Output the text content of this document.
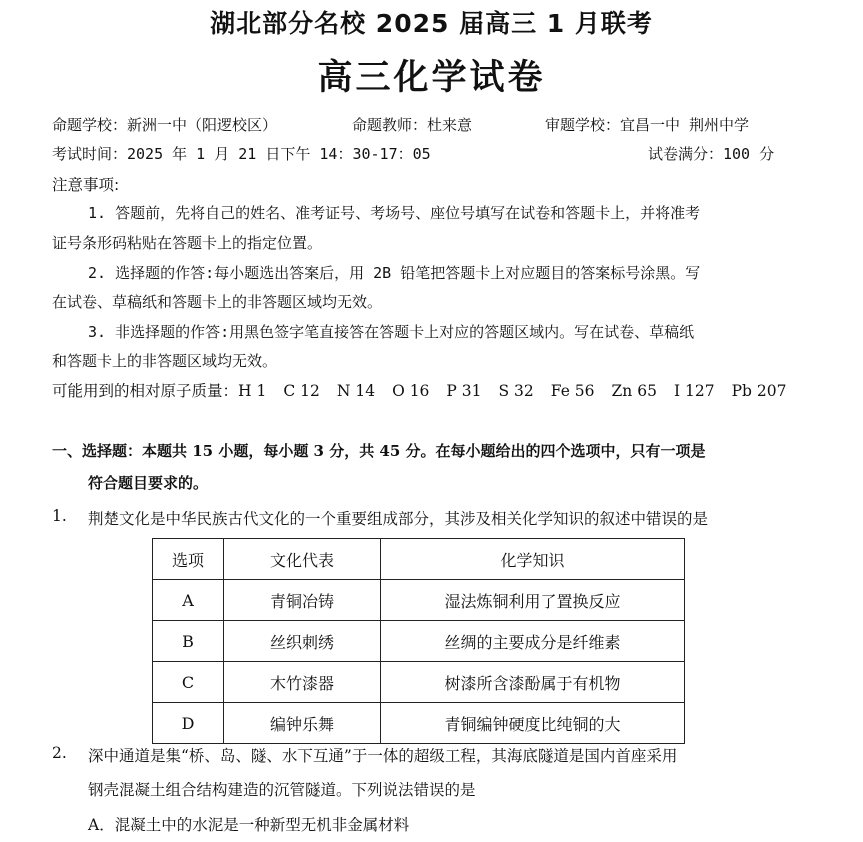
湖北部分名校 2025 届高三 1 月联考
高三化学试卷
命题学校：新洲一中（阳逻校区）	命题教师：杜来意	审题学校：宜昌一中 荆州中学
考试时间：2025 年 1 月 21 日下午 14：30-17：05	试卷满分：100 分
注意事项:
1. 答题前，先将自己的姓名、准考证号、考场号、座位号填写在试卷和答题卡上，并将准考
证号条形码粘贴在答题卡上的指定位置。
2. 选择题的作答:每小题选出答案后，用 2B 铅笔把答题卡上对应题目的答案标号涂黑。写
在试卷、草稿纸和答题卡上的非答题区域均无效。
3. 非选择题的作答:用黑色签字笔直接答在答题卡上对应的答题区域内。写在试卷、草稿纸
和答题卡上的非答题区域均无效。
可能用到的相对原子质量：H 1 C 12 N 14 O 16 P 31 S 32 Fe 56 Zn 65 I 127 Pb 207
一、选择题：本题共 15 小题，每小题 3 分，共 45 分。在每小题给出的四个选项中，只有一项是
符合题目要求的。
1. 荆楚文化是中华民族古代文化的一个重要组成部分，其涉及相关化学知识的叙述中错误的是
选项	文化代表	化学知识
A	青铜冶铸	湿法炼铜利用了置换反应
B	丝织刺绣	丝绸的主要成分是纤维素
C	木竹漆器	树漆所含漆酚属于有机物
D	编钟乐舞	青铜编钟硬度比纯铜的大
2. 深中通道是集“桥、岛、隧、水下互通”于一体的超级工程，其海底隧道是国内首座采用
钢壳混凝土组合结构建造的沉管隧道。下列说法错误的是
A．混凝土中的水泥是一种新型无机非金属材料
